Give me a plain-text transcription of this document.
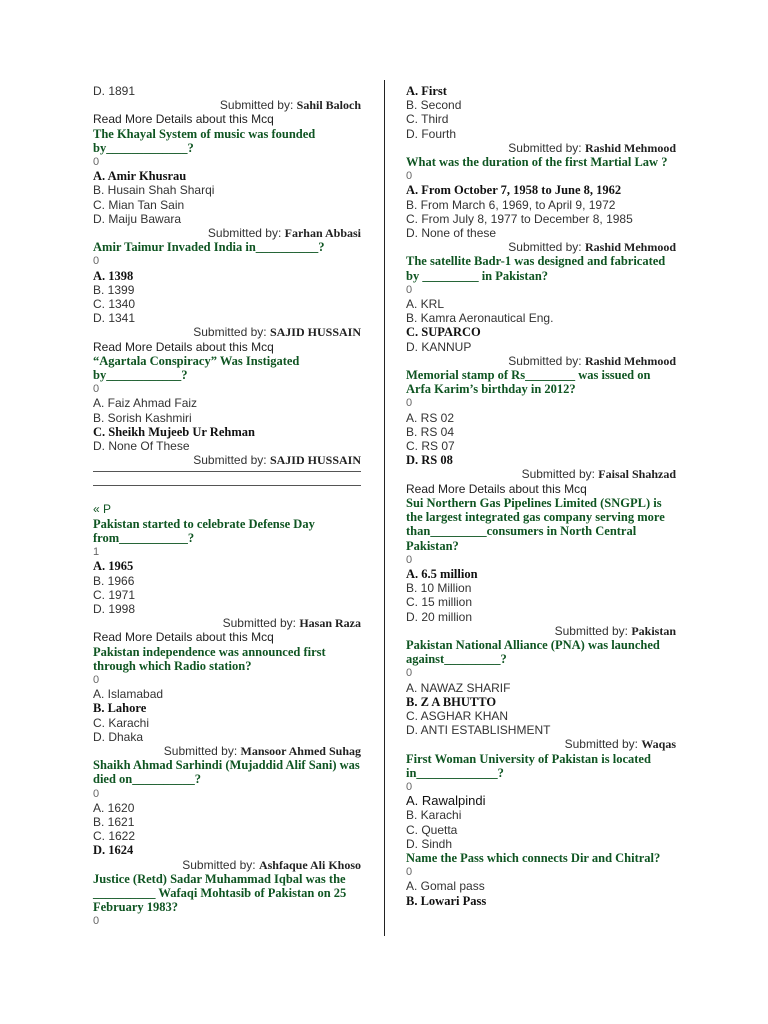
D. 1891
Submitted by: Sahil Baloch
Read More Details about this Mcq
The Khayal System of music was founded by_____________?
0
A. Amir Khusrau
B. Husain Shah Sharqi
C. Mian Tan Sain
D. Maiju Bawara
Submitted by: Farhan Abbasi
Amir Taimur Invaded India in__________?
0
A. 1398
B. 1399
C. 1340
D. 1341
Submitted by: SAJID HUSSAIN
Read More Details about this Mcq
“Agartala Conspiracy” Was Instigated by____________?
0
A. Faiz Ahmad Faiz
B. Sorish Kashmiri
C. Sheikh Mujeeb Ur Rehman
D. None Of These
Submitted by: SAJID HUSSAIN
« P
Pakistan started to celebrate Defense Day from___________?
1
A. 1965
B. 1966
C. 1971
D. 1998
Submitted by: Hasan Raza
Read More Details about this Mcq
Pakistan independence was announced first through which Radio station?
0
A. Islamabad
B. Lahore
C. Karachi
D. Dhaka
Submitted by: Mansoor Ahmed Suhag
Shaikh Ahmad Sarhindi (Mujaddid Alif Sani) was died on__________?
0
A. 1620
B. 1621
C. 1622
D. 1624
Submitted by: Ashfaque Ali Khoso
Justice (Retd) Sadar Muhammad Iqbal was the __________ Wafaqi Mohtasib of Pakistan on 25 February 1983?
0
A. First
B. Second
C. Third
D. Fourth
Submitted by: Rashid Mehmood
What was the duration of the first Martial Law ?
0
A. From October 7, 1958 to June 8, 1962
B. From March 6, 1969, to April 9, 1972
C. From July 8, 1977 to December 8, 1985
D. None of these
Submitted by: Rashid Mehmood
The satellite Badr-1 was designed and fabricated by _________ in Pakistan?
0
A. KRL
B. Kamra Aeronautical Eng.
C. SUPARCO
D. KANNUP
Submitted by: Rashid Mehmood
Memorial stamp of Rs________ was issued on Arfa Karim’s birthday in 2012?
0
A. RS 02
B. RS 04
C. RS 07
D. RS 08
Submitted by: Faisal Shahzad
Read More Details about this Mcq
Sui Northern Gas Pipelines Limited (SNGPL) is the largest integrated gas company serving more than_________consumers in North Central Pakistan?
0
A. 6.5 million
B. 10 Million
C. 15 million
D. 20 million
Submitted by: Pakistan
Pakistan National Alliance (PNA) was launched against_________?
0
A. NAWAZ SHARIF
B. Z A BHUTTO
C. ASGHAR KHAN
D. ANTI ESTABLISHMENT
Submitted by: Waqas
First Woman University of Pakistan is located in_____________?
0
A. Rawalpindi
B. Karachi
C. Quetta
D. Sindh
Name the Pass which connects Dir and Chitral?
0
A. Gomal pass
B. Lowari Pass
